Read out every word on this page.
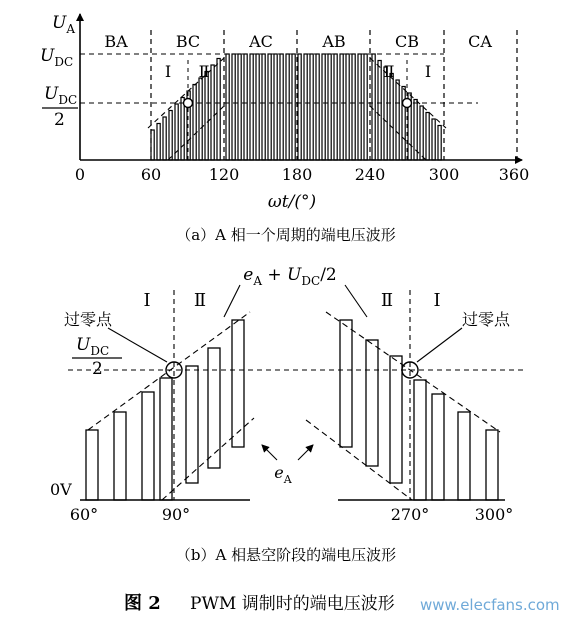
$U_A$
$U_{DC}$
$U_{DC}$
2
BA	BC	AC	AB	CB	CA
Ⅰ Ⅱ	Ⅱ Ⅰ
0	60	120	180	240	300 360
ωt/(°)
（a）A 相一个周期的端电压波形
$e_A + U_{DC}/2$
Ⅰ Ⅱ	Ⅱ Ⅰ
过零点	过零点
$U_{DC}$
2
$e_A$
0V
60°	90°	270°	300°
（b）A 相悬空阶段的端电压波形
图 2 PWM 调制时的端电压波形 www.elecfans.com
